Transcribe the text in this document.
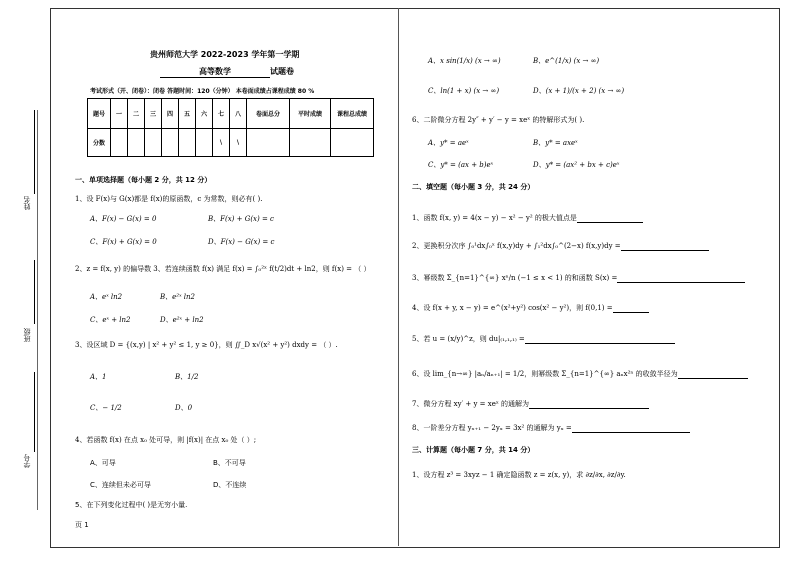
姓名
班级
学号
贵州师范大学 2022-2023 学年第一学期
高等数学	试题卷
考试形式（开、闭卷）：闭卷 答题时间：120（分钟） 本卷面成绩占课程成绩 80 %
题号	一	二	三	四	五	六	七	八	卷面总分	平时成绩	课程总成绩
分数							\	\			
一、单项选择题（每小题 2 分，共 12 分）
1、设 F(x)与 G(x)都是 f(x)的原函数，c 为常数，则必有( ).
A、F(x) − G(x) = 0	B、F(x) + G(x) = c
C、F(x) + G(x) = 0	D、F(x) − G(x) = c
2、z = f(x, y) 的偏导数 3、若连续函数 f(x) 满足 f(x) = ∫₀²ˣ f(t/2)dt + ln2，则 f(x) = （ ）
A、eˣ ln2	B、e²ˣ ln2
C、eˣ + ln2	D、e²ˣ + ln2
3、设区域 D = {(x,y) | x² + y² ≤ 1, y ≥ 0}，则 ∬_D x√(x² + y²) dxdy = （ ）.
A、1	B、1/2
C、− 1/2	D、0
4、若函数 f(x) 在点 x₀ 处可导，则 |f(x)| 在点 x₀ 处（ ）;
A、可导	B、不可导
C、连续但未必可导	D、不连续
5、在下列变化过程中( )是无穷小量.
页 1
A、x sin(1/x) (x → ∞)	B、e^(1/x) (x → ∞)
C、ln(1 + x) (x → ∞)	D、(x + 1)/(x + 2) (x → ∞)
6、二阶微分方程 2y″ + y′ − y = xeˣ 的特解形式为( ).
A、y* = aeˣ	B、y* = axeˣ
C、y* = (ax + b)eˣ	D、y* = (ax² + bx + c)eˣ
二、填空题（每小题 3 分，共 24 分）
1、函数 f(x, y) = 4(x − y) − x² − y² 的极大值点是
2、更换积分次序 ∫₀¹dx∫₀ˣ f(x,y)dy + ∫₁²dx∫₀^(2−x) f(x,y)dy =
3、幂级数 Σ_{n=1}^{∞} xⁿ/n (−1 ≤ x < 1) 的和函数 S(x) =
4、设 f(x + y, x − y) = e^(x²+y²) cos(x² − y²)，则 f(0,1) =
5、若 u = (x/y)^z，则 du|₍₁,₁,₁₎ =
6、设 lim_{n→∞} |aₙ/aₙ₊₁| = 1/2，则幂级数 Σ_{n=1}^{∞} aₙx²ⁿ 的收敛半径为
7、微分方程 xy′ + y = xeˣ 的通解为
8、一阶差分方程 yₓ₊₁ − 2yₓ = 3x² 的通解为 yₓ =
三、计算题（每小题 7 分，共 14 分）
1、设方程 z³ = 3xyz − 1 确定隐函数 z = z(x, y)，求 ∂z/∂x, ∂z/∂y.
